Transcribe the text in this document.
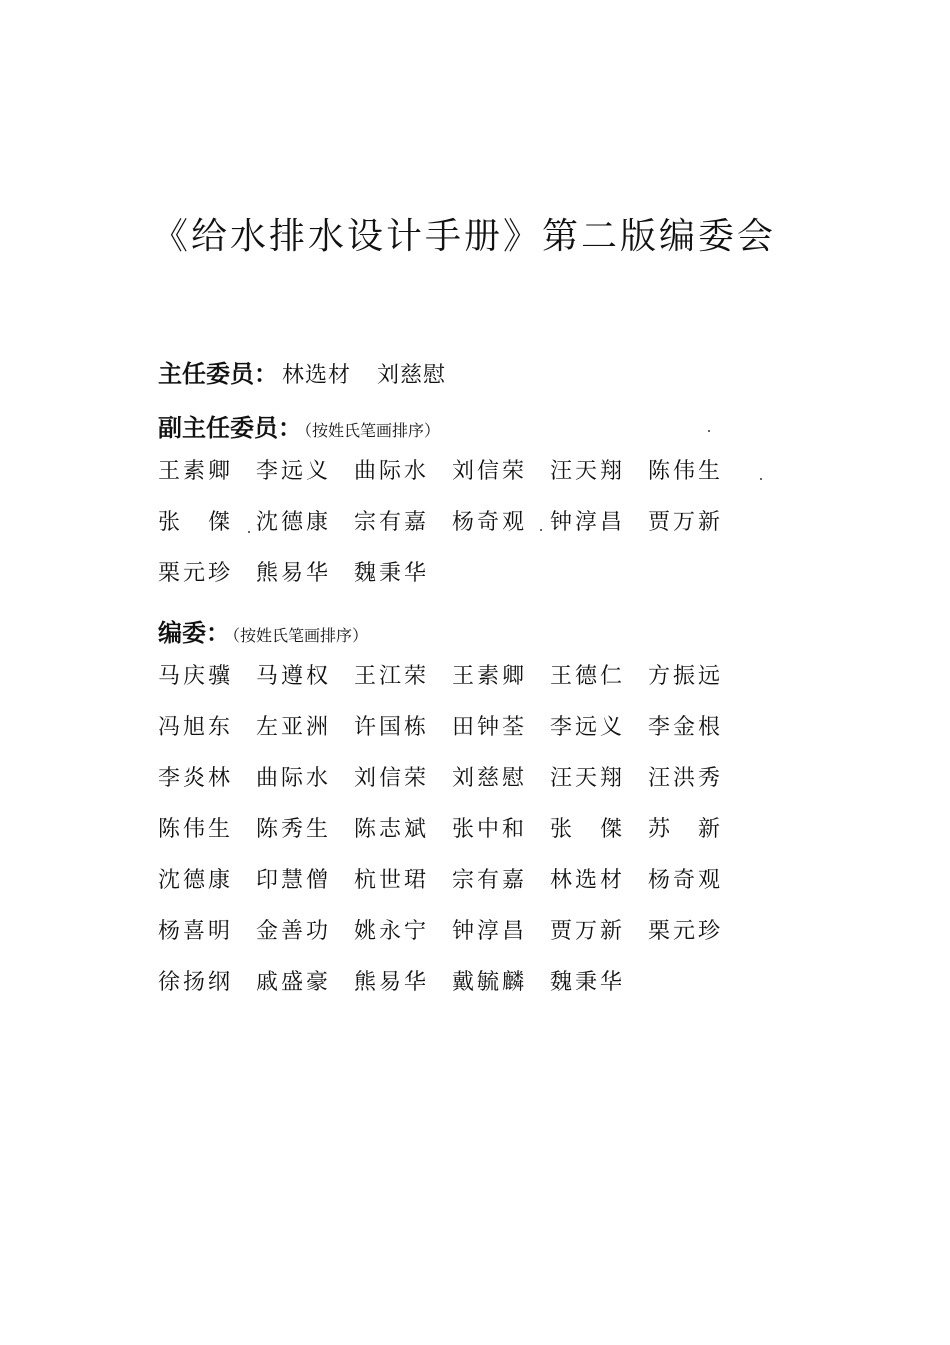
《给水排水设计手册》第二版编委会
主任委员： 林选材 刘慈慰
副主任委员： （按姓氏笔画排序）
王素卿	李远义	曲际水	刘信荣	汪天翔	陈伟生
张　傑	沈德康	宗有嘉	杨奇观	钟淳昌	贾万新
栗元珍	熊易华	魏秉华
编委： （按姓氏笔画排序）
马庆骥	马遵权	王江荣	王素卿	王德仁	方振远
冯旭东	左亚洲	许国栋	田钟荃	李远义	李金根
李炎林	曲际水	刘信荣	刘慈慰	汪天翔	汪洪秀
陈伟生	陈秀生	陈志斌	张中和	张　傑	苏　新
沈德康	印慧僧	杭世珺	宗有嘉	林选材	杨奇观
杨喜明	金善功	姚永宁	钟淳昌	贾万新	栗元珍
徐扬纲	戚盛豪	熊易华	戴毓麟	魏秉华
